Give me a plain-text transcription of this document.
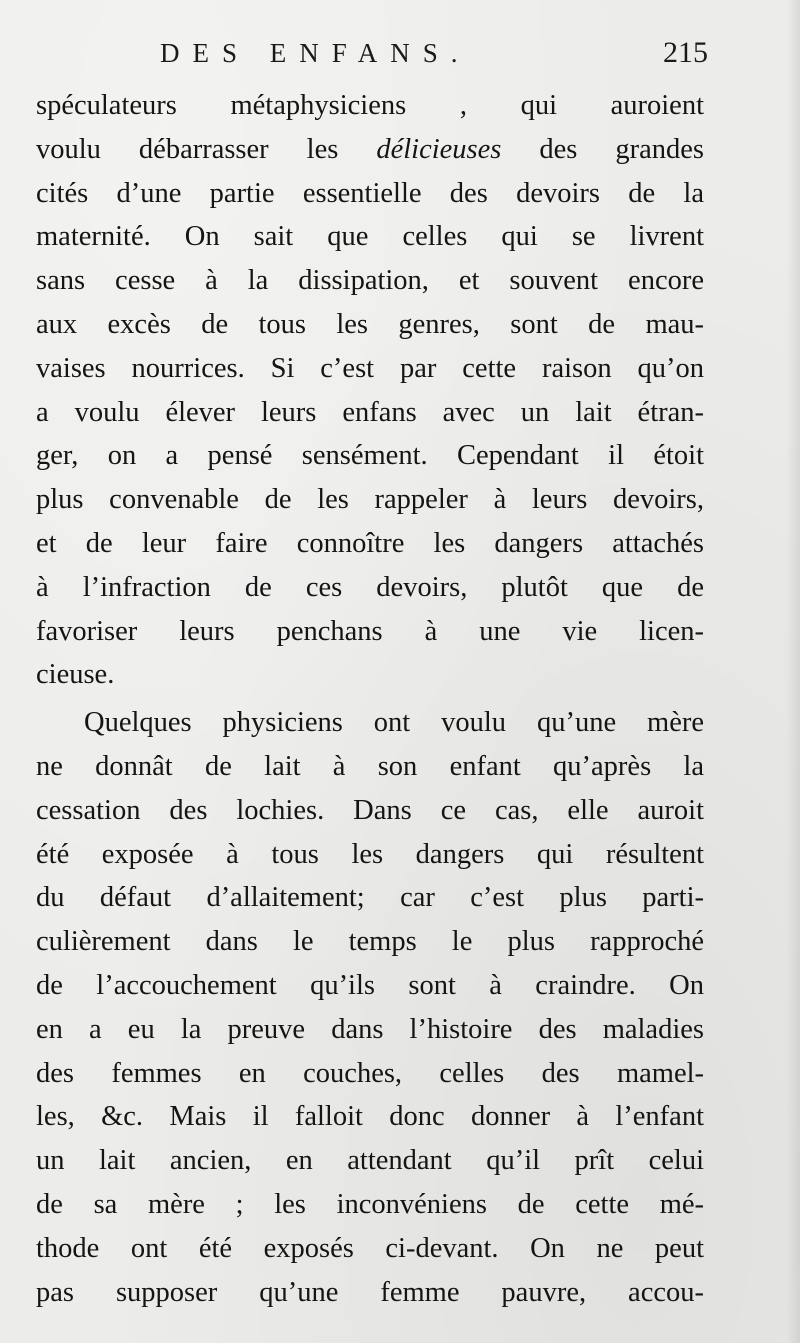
DES ENFANS.	215
spéculateurs métaphysiciens , qui auroient
voulu débarrasser les délicieuses des grandes
cités d’une partie essentielle des devoirs de la
maternité. On sait que celles qui se livrent
sans cesse à la dissipation, et souvent encore
aux excès de tous les genres, sont de mau-
vaises nourrices. Si c’est par cette raison qu’on
a voulu élever leurs enfans avec un lait étran-
ger, on a pensé sensément. Cependant il étoit
plus convenable de les rappeler à leurs devoirs,
et de leur faire connoître les dangers attachés
à l’infraction de ces devoirs, plutôt que de
favoriser leurs penchans à une vie licen-
cieuse.
Quelques physiciens ont voulu qu’une mère
ne donnât de lait à son enfant qu’après la
cessation des lochies. Dans ce cas, elle auroit
été exposée à tous les dangers qui résultent
du défaut d’allaitement; car c’est plus parti-
culièrement dans le temps le plus rapproché
de l’accouchement qu’ils sont à craindre. On
en a eu la preuve dans l’histoire des maladies
des femmes en couches, celles des mamel-
les, &c. Mais il falloit donc donner à l’enfant
un lait ancien, en attendant qu’il prît celui
de sa mère ; les inconvéniens de cette mé-
thode ont été exposés ci-devant. On ne peut
pas supposer qu’une femme pauvre, accou-
